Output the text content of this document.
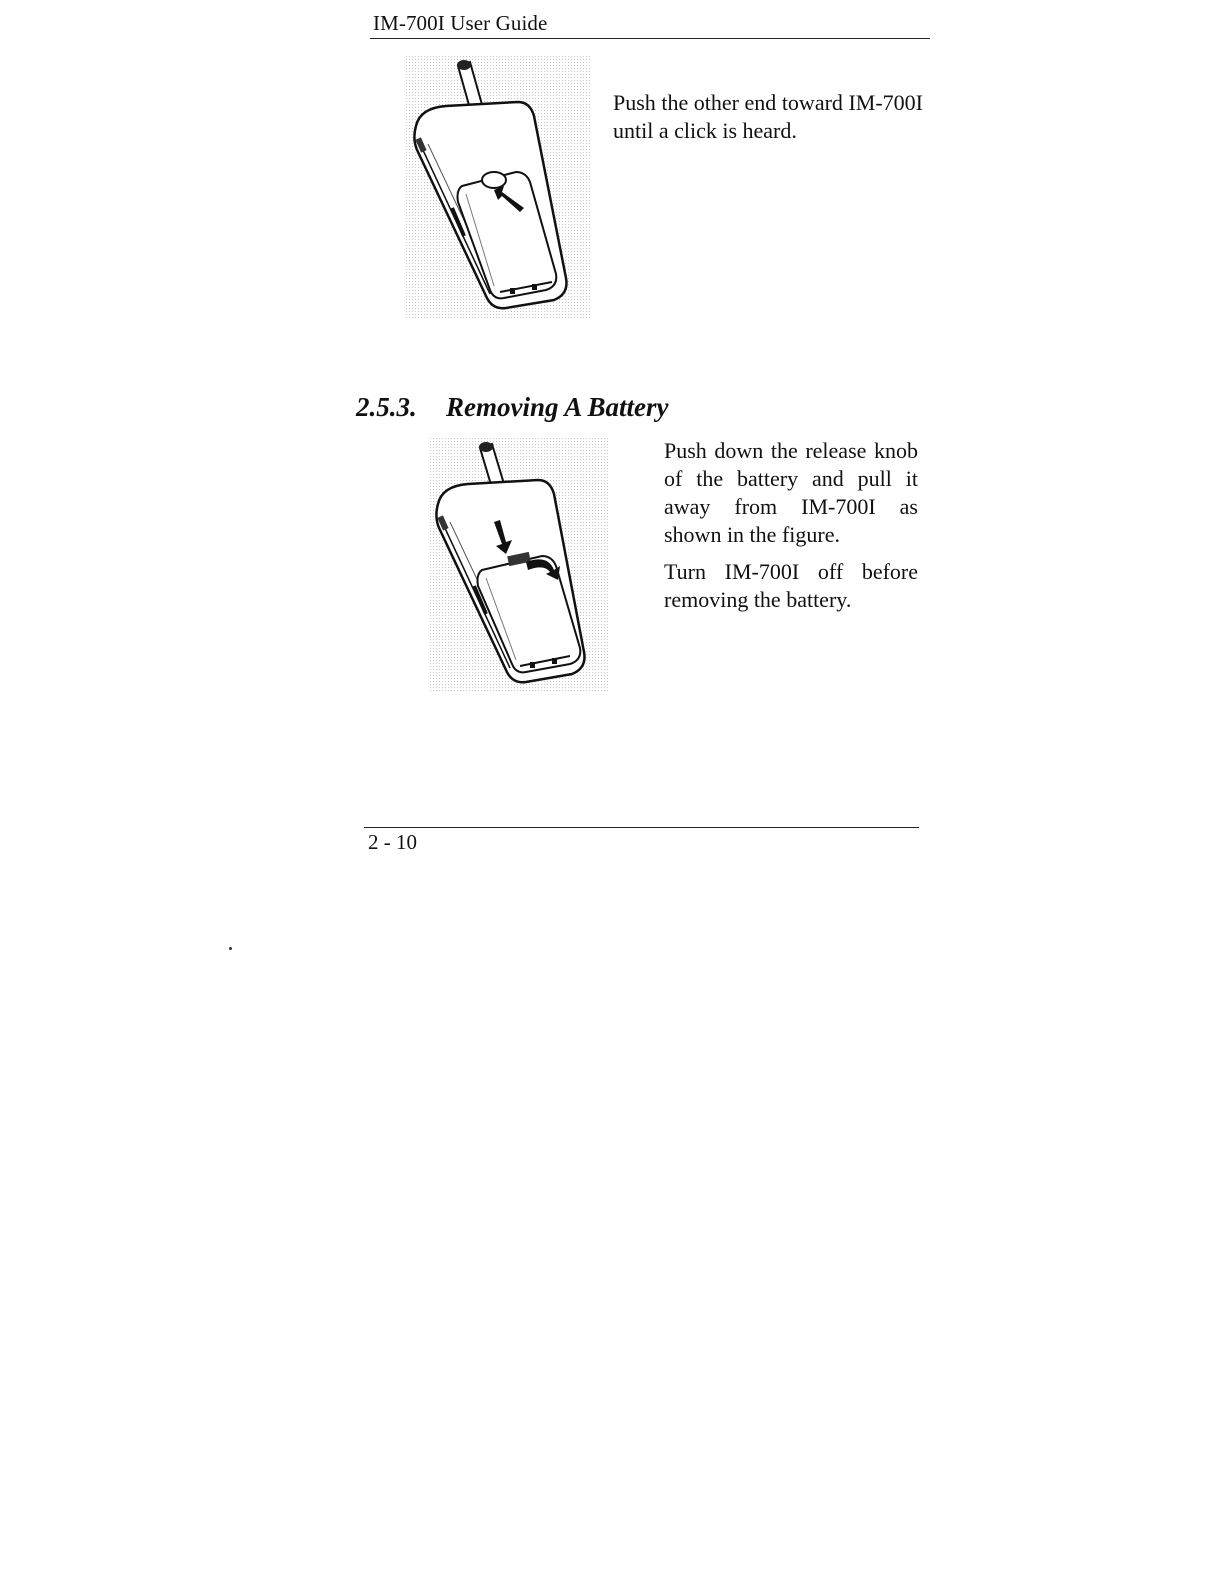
IM-700I User Guide

Push the other end toward IM-700I until a click is heard.

2.5.3. Removing A Battery

Push down the release knob of the battery and pull it away from IM-700I as shown in the figure.

Turn IM-700I off before removing the battery.

2 - 10
